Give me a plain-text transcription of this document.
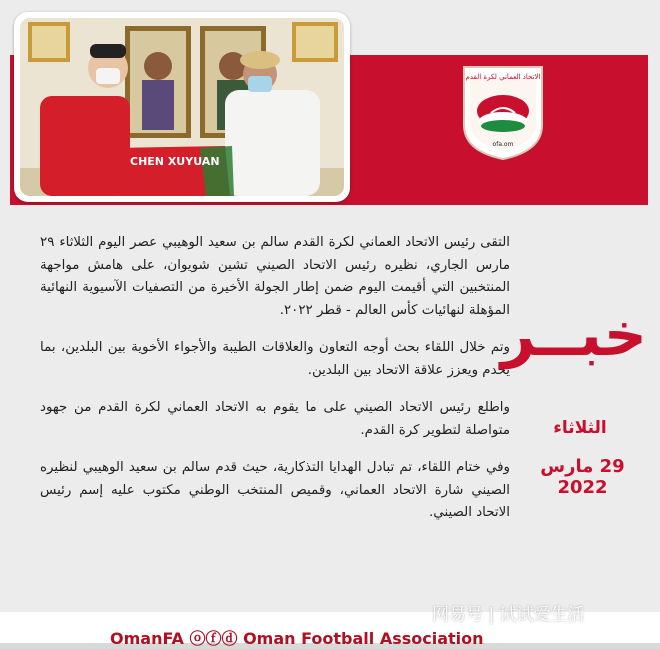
CHEN XUYUAN
الاتحاد العماني لكرة القدم
ofa.om

التقى رئيس الاتحاد العماني لكرة القدم سالم بن سعيد الوهيبي عصر اليوم الثلاثاء ٢٩ مارس الجاري، نظيره رئيس الاتحاد الصيني تشين شويوان، على هامش مواجهة المنتخبين التي أقيمت اليوم ضمن إطار الجولة الأخيرة من التصفيات الآسيوية النهائية المؤهلة لنهائيات كأس العالم - قطر ٢٠٢٢.

وتم خلال اللقاء بحث أوجه التعاون والعلاقات الطيبة والأجواء الأخوية بين البلدين، بما يخدم ويعزز علاقة الاتحاد بين البلدين.

واطلع رئيس الاتحاد الصيني على ما يقوم به الاتحاد العماني لكرة القدم من جهود متواصلة لتطوير كرة القدم.

وفي ختام اللقاء، تم تبادل الهدايا التذكارية، حيث قدم سالم بن سعيد الوهيبي لنظيره الصيني شارة الاتحاد العماني، وقميص المنتخب الوطني مكتوب عليه إسم رئيس الاتحاد الصيني.

خبــر
الثلاثاء
29 مارس 2022
OmanFA ⓞⓕⓓ Oman Football Association
网易号 | 试试爱生活
